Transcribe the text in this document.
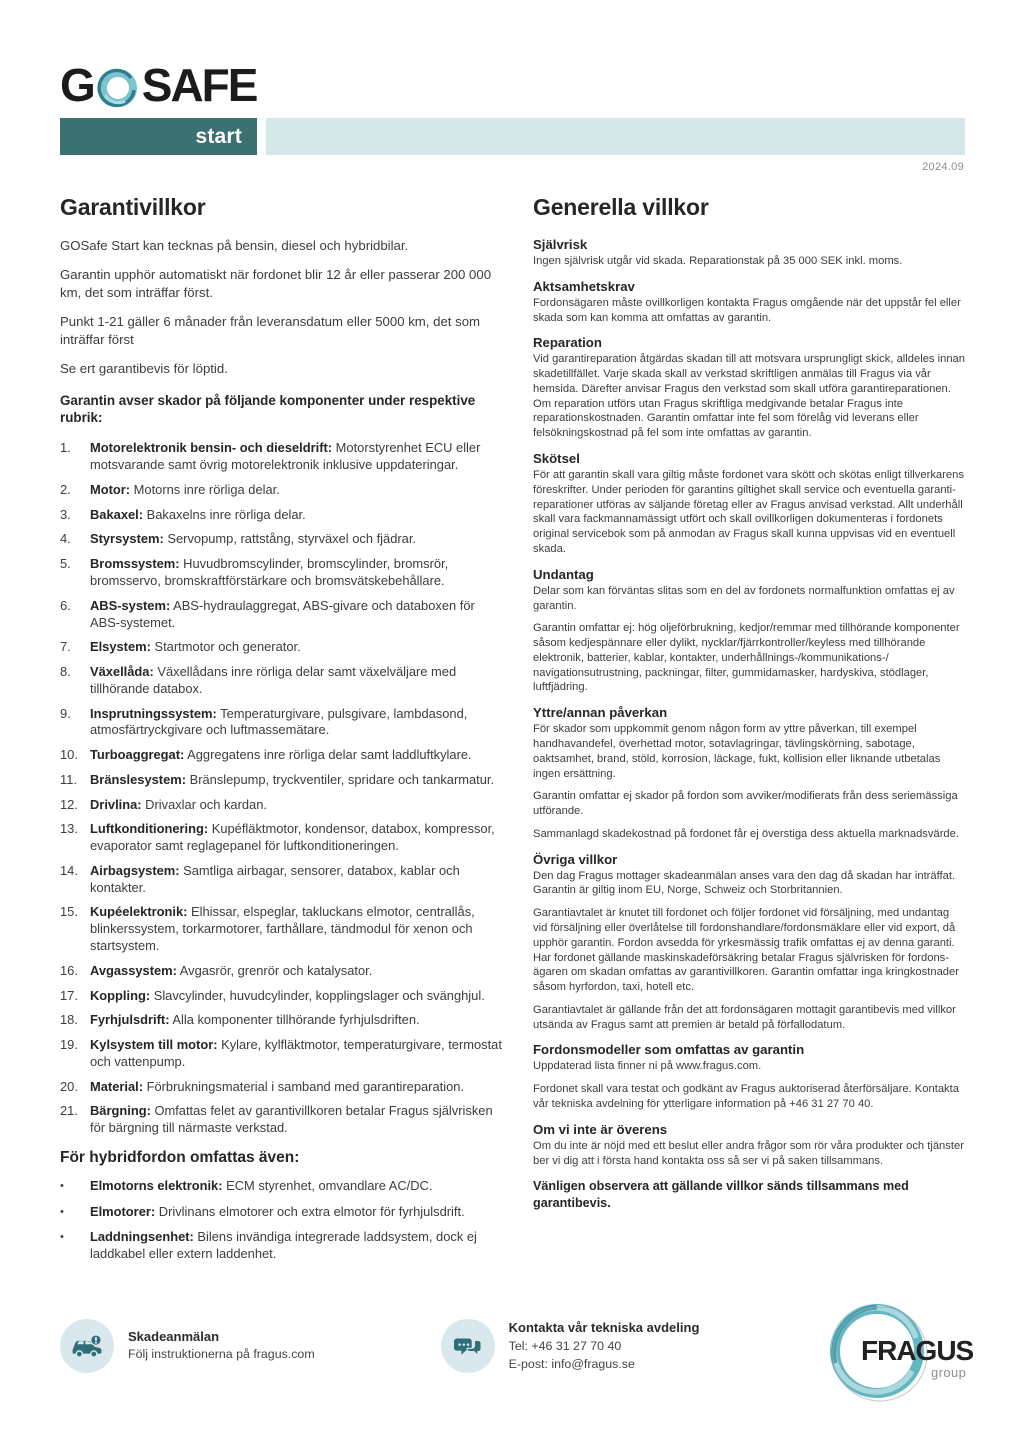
G SAFE
start
2024.09
Garantivillkor

GOSafe Start kan tecknas på bensin, diesel och hybridbilar.

Garantin upphör automatiskt när fordonet blir 12 år eller passerar 200 000 km, det som inträffar först.

Punkt 1-21 gäller 6 månader från leveransdatum eller 5000 km, det som inträffar först

Se ert garantibevis för löptid.

Garantin avser skador på följande komponenter under respektive rubrik:
1.	Motorelektronik bensin- och dieseldrift: Motorstyrenhet ECU eller motsvarande samt övrig motorelektronik inklusive uppdateringar.
2.	Motor: Motorns inre rörliga delar.
3.	Bakaxel: Bakaxelns inre rörliga delar.
4.	Styrsystem: Servopump, rattstång, styrväxel och fjädrar.
5.	Bromssystem: Huvudbromscylinder, bromscylinder, bromsrör, bromsservo, bromskraftförstärkare och bromsvätskebehållare.
6.	ABS-system: ABS-hydraulaggregat, ABS-givare och databoxen för ABS-systemet.
7.	Elsystem: Startmotor och generator.
8.	Växellåda: Växellådans inre rörliga delar samt växelväljare med tillhörande databox.
9.	Insprutningssystem: Temperaturgivare, pulsgivare, lambdasond, atmosfärtryckgivare och luftmassemätare.
10. Turboaggregat: Aggregatens inre rörliga delar samt laddluftkylare.
11.	Bränslesystem: Bränslepump, tryckventiler, spridare och tankarmatur.
12. Drivlina: Drivaxlar och kardan.
13. Luftkonditionering: Kupéfläktmotor, kondensor, databox, kompressor, evaporator samt reglagepanel för luftkonditioneringen.
14. Airbagsystem: Samtliga airbagar, sensorer, databox, kablar och kontakter.
15. Kupéelektronik: Elhissar, elspeglar, takluckans elmotor, centrallås, blinkerssystem, torkarmotorer, farthållare, tändmodul för xenon och startsystem.
16. Avgassystem: Avgasrör, grenrör och katalysator.
17. Koppling: Slavcylinder, huvudcylinder, kopplingslager och svänghjul.
18. Fyrhjulsdrift: Alla komponenter tillhörande fyrhjulsdriften.
19. Kylsystem till motor: Kylare, kylfläktmotor, temperaturgivare, termostat och vattenpump.
20. Material: Förbrukningsmaterial i samband med garantireparation.
21. Bärgning: Omfattas felet av garantivillkoren betalar Fragus självrisken för bärgning till närmaste verkstad.
För hybridfordon omfattas även:
•	Elmotorns elektronik: ECM styrenhet, omvandlare AC/DC.
•	Elmotorer: Drivlinans elmotorer och extra elmotor för fyrhjulsdrift.
•	Laddningsenhet: Bilens invändiga integrerade laddsystem, dock ej laddkabel eller extern laddenhet.
Generella villkor
Självrisk

Ingen självrisk utgår vid skada. Reparationstak på 35 000 SEK inkl. moms.

Aktsamhetskrav

Fordonsägaren måste ovillkorligen kontakta Fragus omgående när det uppstår fel eller skada som kan komma att omfattas av garantin.

Reparation

Vid garantireparation åtgärdas skadan till att motsvara ursprungligt skick, alldeles innan skadetillfället. Varje skada skall av verkstad skriftligen anmälas till Fragus via vår hemsida. Därefter anvisar Fragus den verkstad som skall utföra garantireparationen. Om reparation utförs utan Fragus skriftliga medgivande betalar Fragus inte reparationskostnaden. Garantin omfattar inte fel som förelåg vid leverans eller felsökningskostnad på fel som inte omfattas av garantin.

Skötsel

För att garantin skall vara giltig måste fordonet vara skött och skötas enligt tillverkarens föreskrifter. Under perioden för garantins giltighet skall service och eventuella garantireparationer utföras av säljande företag eller av Fragus anvisad verkstad. Allt underhåll skall vara fackmannamässigt utfört och skall ovillkorligen dokumenteras i fordonets original servicebok som på anmodan av Fragus skall kunna uppvisas vid en eventuell skada.

Undantag

Delar som kan förväntas slitas som en del av fordonets normalfunktion omfattas ej av garantin.

Garantin omfattar ej: hög oljeförbrukning, kedjor/remmar med tillhörande komponenter såsom kedjespännare eller dylikt, nycklar/fjärrkontroller/keyless med tillhörande elektronik, batterier, kablar, kontakter, underhållnings-/kommunikations-/ navigationsutrustning, packningar, filter, gummidamasker, hardyskiva, stödlager, luftfjädring.

Yttre/annan påverkan

För skador som uppkommit genom någon form av yttre påverkan, till exempel handhavandefel, överhettad motor, sotavlagringar, tävlingskörning, sabotage, oaktsamhet, brand, stöld, korrosion, läckage, fukt, kollision eller liknande utbetalas ingen ersättning.

Garantin omfattar ej skador på fordon som avviker/modifierats från dess seriemässiga utförande.

Sammanlagd skadekostnad på fordonet får ej överstiga dess aktuella marknadsvärde.

Övriga villkor

Den dag Fragus mottager skadeanmälan anses vara den dag då skadan har inträffat. Garantin är giltig inom EU, Norge, Schweiz och Storbritannien.

Garantiavtalet är knutet till fordonet och följer fordonet vid försäljning, med undantag vid försäljning eller överlåtelse till fordonshandlare/fordonsmäklare eller vid export, då upphör garantin. Fordon avsedda för yrkesmässig trafik omfattas ej av denna garanti. Har fordonet gällande maskinskadeförsäkring betalar Fragus självrisken för fordonsägaren om skadan omfattas av garantivillkoren. Garantin omfattar inga kringkostnader såsom hyrfordon, taxi, hotell etc.

Garantiavtalet är gällande från det att fordonsägaren mottagit garantibevis med villkor utsända av Fragus samt att premien är betald på förfallodatum.

Fordonsmodeller som omfattas av garantin

Uppdaterad lista finner ni på www.fragus.com.

Fordonet skall vara testat och godkänt av Fragus auktoriserad återförsäljare. Kontakta vår tekniska avdelning för ytterligare information på +46 31 27 70 40.

Om vi inte är överens

Om du inte är nöjd med ett beslut eller andra frågor som rör våra produkter och tjänster ber vi dig att i första hand kontakta oss så ser vi på saken tillsammans.

Vänligen observera att gällande villkor sänds tillsammans med garantibevis.

Skadeanmälan
Följ instruktionerna på fragus.com
Kontakta vår tekniska avdeling
Tel: +46 31 27 70 40
E-post: info@fragus.se	FRAGUS
group
